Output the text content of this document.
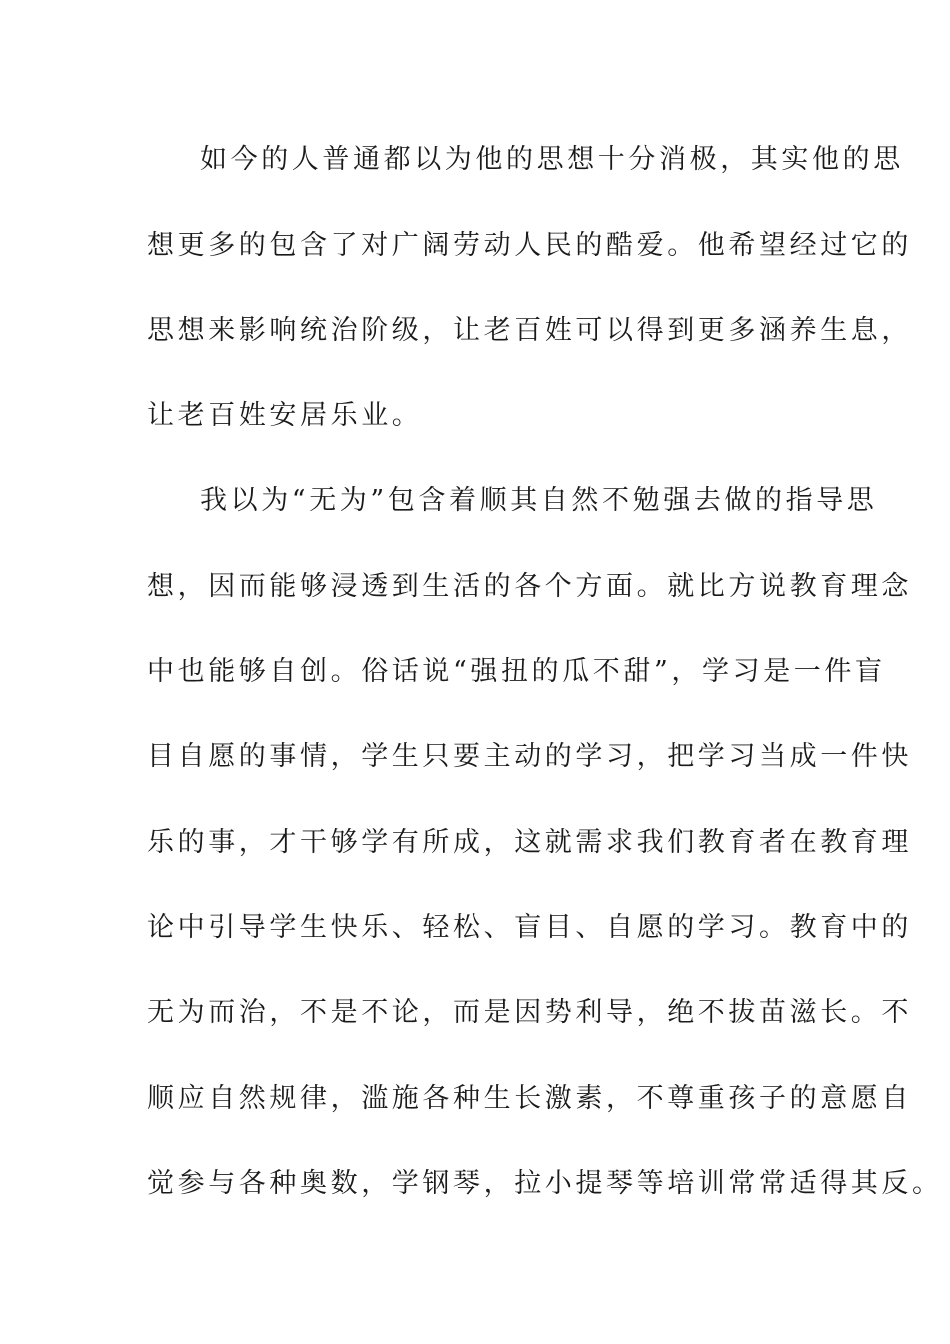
如今的人普通都以为他的思想十分消极，其实他的思
想更多的包含了对广阔劳动人民的酷爱。他希望经过它的
思想来影响统治阶级，让老百姓可以得到更多涵养生息，
让老百姓安居乐业。
我以为“无为”包含着顺其自然不勉强去做的指导思
想，因而能够浸透到生活的各个方面。就比方说教育理念
中也能够自创。俗话说“强扭的瓜不甜”，学习是一件盲
目自愿的事情，学生只要主动的学习，把学习当成一件快
乐的事，才干够学有所成，这就需求我们教育者在教育理
论中引导学生快乐、轻松、盲目、自愿的学习。教育中的
无为而治，不是不论，而是因势利导，绝不拔苗滋长。不
顺应自然规律，滥施各种生长激素，不尊重孩子的意愿自
觉参与各种奥数，学钢琴，拉小提琴等培训常常适得其反。
